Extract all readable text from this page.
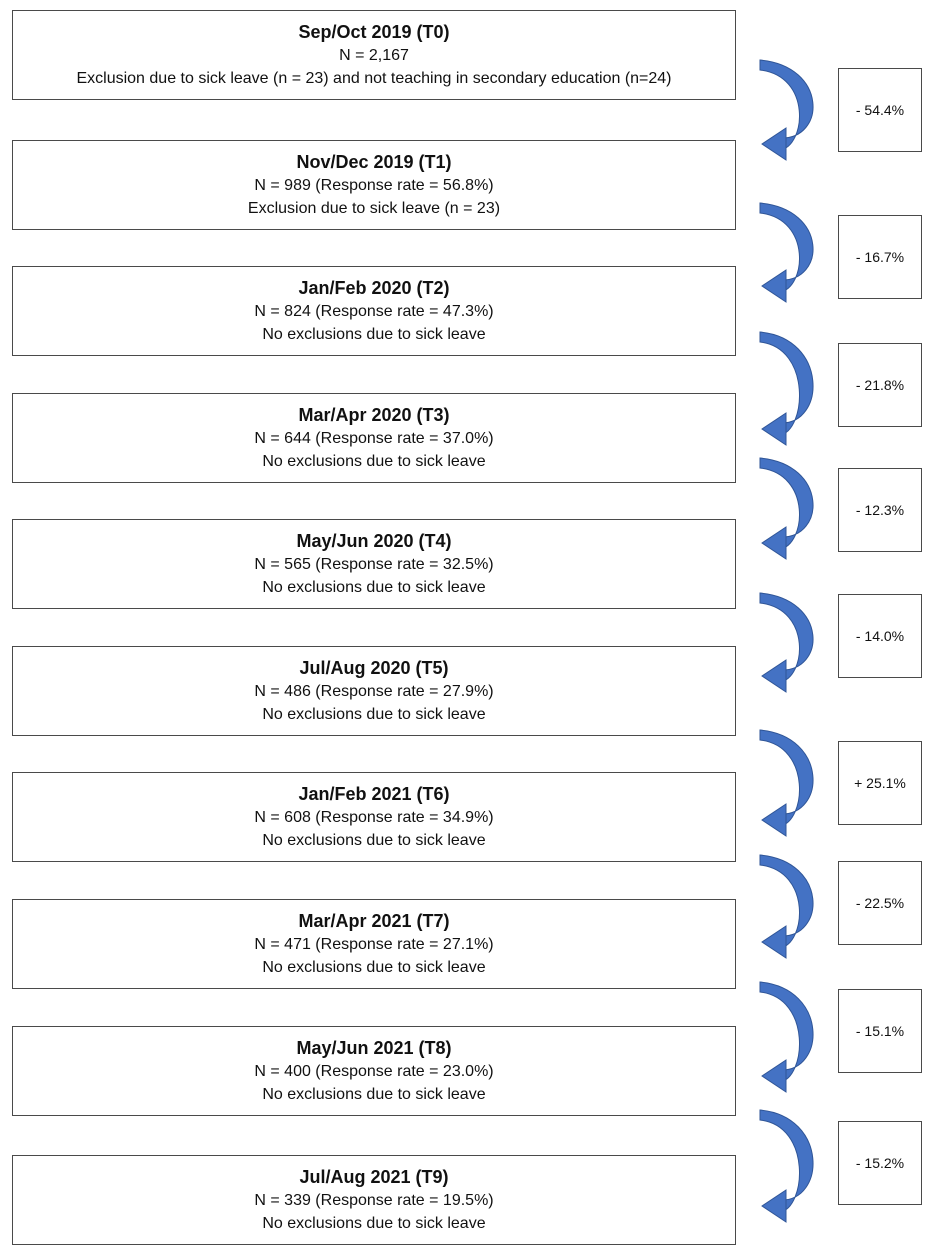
Sep/Oct 2019 (T0)
N = 2,167
Exclusion due to sick leave (n = 23) and not teaching in secondary education (n=24)
Nov/Dec 2019 (T1)
N = 989 (Response rate = 56.8%)
Exclusion due to sick leave (n = 23)
Jan/Feb 2020 (T2)
N = 824 (Response rate = 47.3%)
No exclusions due to sick leave
Mar/Apr 2020 (T3)
N = 644 (Response rate = 37.0%)
No exclusions due to sick leave
May/Jun 2020 (T4)
N = 565 (Response rate = 32.5%)
No exclusions due to sick leave
Jul/Aug 2020 (T5)
N = 486 (Response rate = 27.9%)
No exclusions due to sick leave
Jan/Feb 2021 (T6)
N = 608 (Response rate = 34.9%)
No exclusions due to sick leave
Mar/Apr 2021 (T7)
N = 471 (Response rate = 27.1%)
No exclusions due to sick leave
May/Jun 2021 (T8)
N = 400 (Response rate = 23.0%)
No exclusions due to sick leave
Jul/Aug 2021 (T9)
N = 339 (Response rate = 19.5%)
No exclusions due to sick leave
- 54.4%
- 16.7%
- 21.8%
- 12.3%
- 14.0%
+ 25.1%
- 22.5%
- 15.1%
- 15.2%
